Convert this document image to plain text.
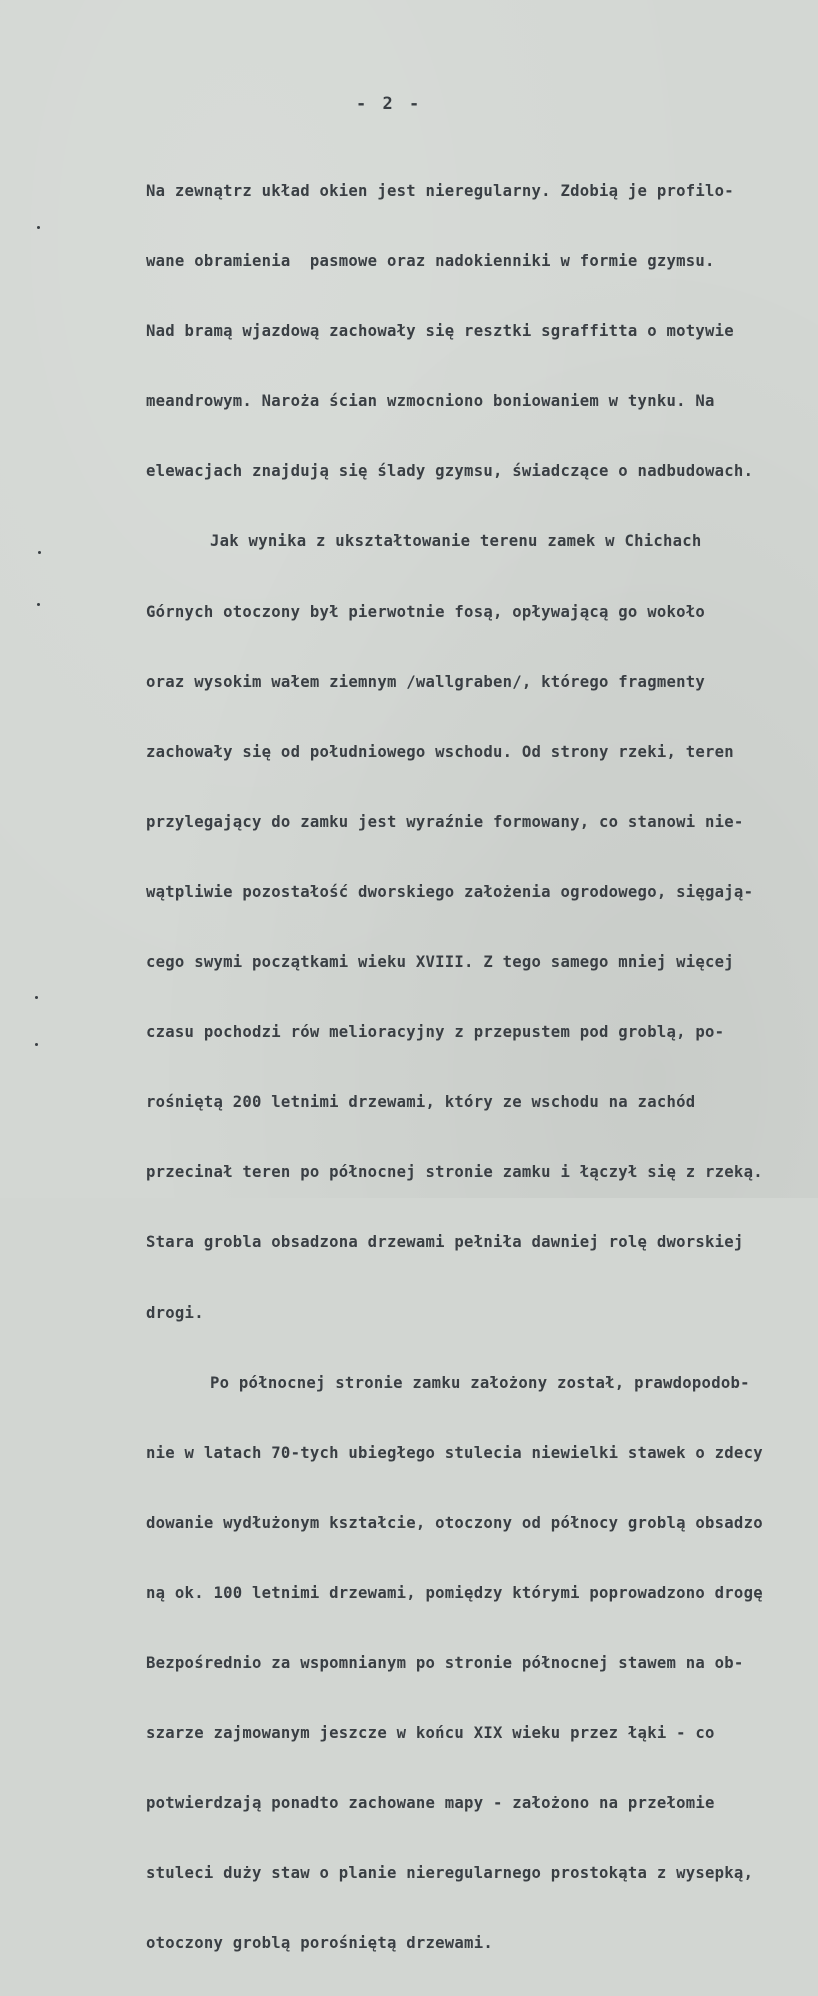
- 2 -

Na zewnątrz układ okien jest nieregularny. Zdobią je profilo-

wane obramienia  pasmowe oraz nadokienniki w formie gzymsu.

Nad bramą wjazdową zachowały się resztki sgraffitta o motywie

meandrowym. Naroża ścian wzmocniono boniowaniem w tynku. Na

elewacjach znajdują się ślady gzymsu, świadczące o nadbudowach.

Jak wynika z ukształtowanie terenu zamek w Chichach

Górnych otoczony był pierwotnie fosą, opływającą go wokoło

oraz wysokim wałem ziemnym /wallgraben/, którego fragmenty

zachowały się od południowego wschodu. Od strony rzeki, teren

przylegający do zamku jest wyraźnie formowany, co stanowi nie-

wątpliwie pozostałość dworskiego założenia ogrodowego, sięgają-

cego swymi początkami wieku XVIII. Z tego samego mniej więcej

czasu pochodzi rów melioracyjny z przepustem pod groblą, po-

rośniętą 200 letnimi drzewami, który ze wschodu na zachód

przecinał teren po północnej stronie zamku i łączył się z rzeką.

Stara grobla obsadzona drzewami pełniła dawniej rolę dworskiej

drogi.

Po północnej stronie zamku założony został, prawdopodob-

nie w latach 70-tych ubiegłego stulecia niewielki stawek o zdecy

dowanie wydłużonym kształcie, otoczony od północy groblą obsadzo

ną ok. 100 letnimi drzewami, pomiędzy którymi poprowadzono drogę

Bezpośrednio za wspomnianym po stronie północnej stawem na ob-

szarze zajmowanym jeszcze w końcu XIX wieku przez łąki - co

potwierdzają ponadto zachowane mapy - założono na przełomie

stuleci duży staw o planie nieregularnego prostokąta z wysepką,

otoczony groblą porośniętą drzewami.
